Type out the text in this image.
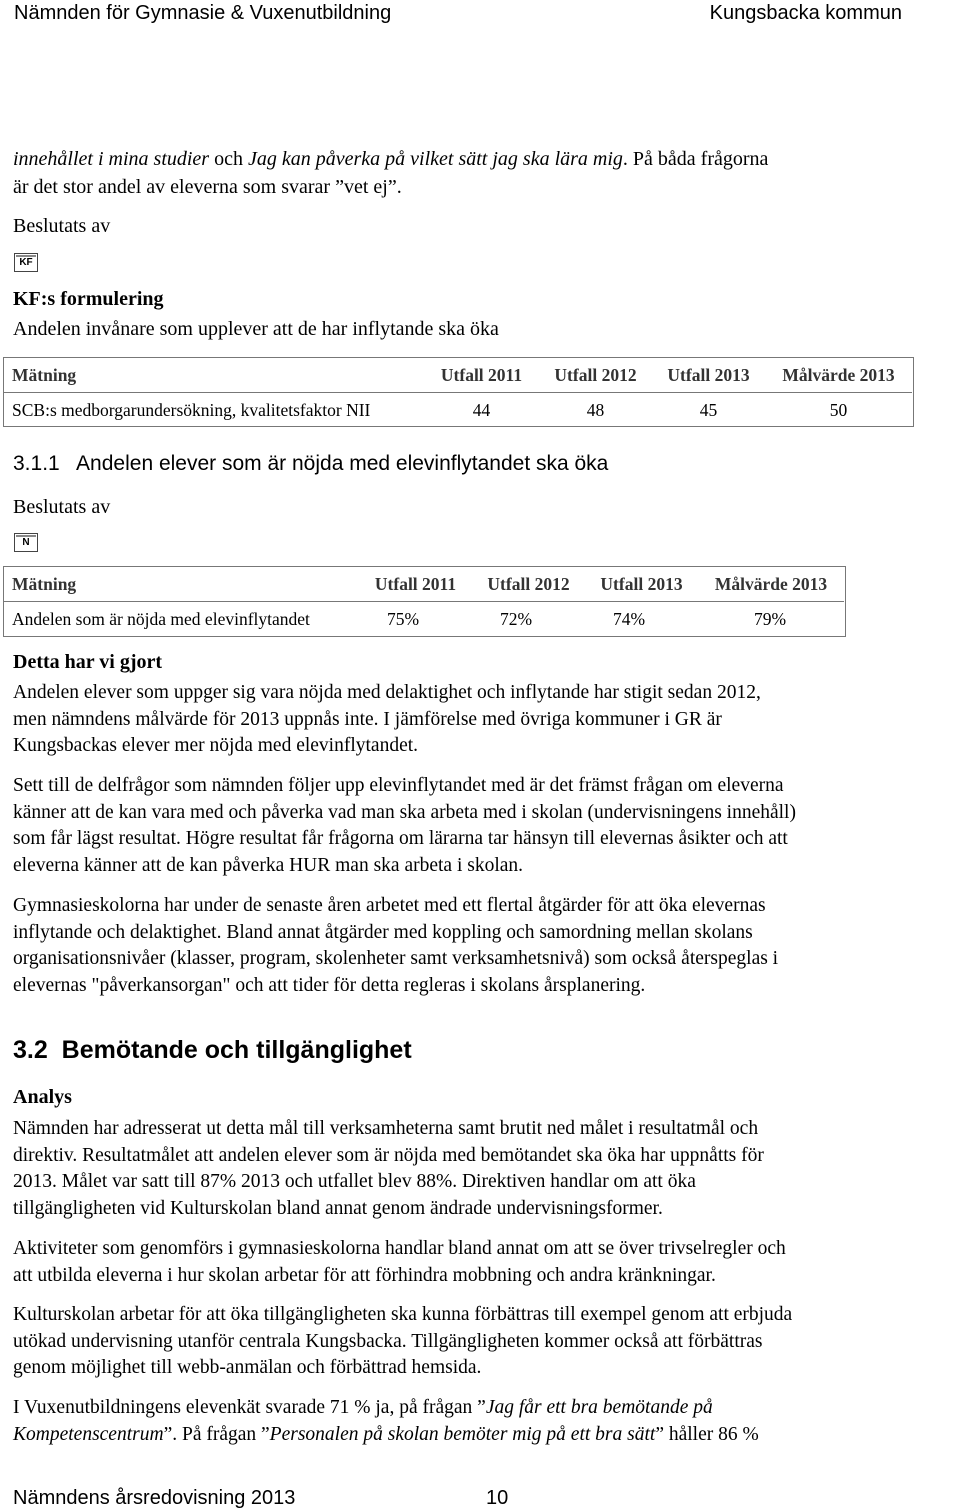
Nämnden för Gymnasie & Vuxenutbildning	Kungsbacka kommun
innehållet i mina studier och Jag kan påverka på vilket sätt jag ska lära mig. På båda frågorna
är det stor andel av eleverna som svarar ”vet ej”.
Beslutats av
KF
KF:s formulering
Andelen invånare som upplever att de har inflytande ska öka
Mätning	Utfall 2011	Utfall 2012	Utfall 2013	Målvärde 2013
SCB:s medborgarundersökning, kvalitetsfaktor NII	44	48	45	50
3.1.1   Andelen elever som är nöjda med elevinflytandet ska öka
Beslutats av
N
Mätning	Utfall 2011	Utfall 2012	Utfall 2013	Målvärde 2013
Andelen som är nöjda med elevinflytandet	75%	72%	74%	79%
Detta har vi gjort
Andelen elever som uppger sig vara nöjda med delaktighet och inflytande har stigit sedan 2012,
men nämndens målvärde för 2013 uppnås inte. I jämförelse med övriga kommuner i GR är
Kungsbackas elever mer nöjda med elevinflytandet.
Sett till de delfrågor som nämnden följer upp elevinflytandet med är det främst frågan om eleverna
känner att de kan vara med och påverka vad man ska arbeta med i skolan (undervisningens innehåll)
som får lägst resultat. Högre resultat får frågorna om lärarna tar hänsyn till elevernas åsikter och att
eleverna känner att de kan påverka HUR man ska arbeta i skolan.
Gymnasieskolorna har under de senaste åren arbetet med ett flertal åtgärder för att öka elevernas
inflytande och delaktighet. Bland annat åtgärder med koppling och samordning mellan skolans
organisationsnivåer (klasser, program, skolenheter samt verksamhetsnivå) som också återspeglas i
elevernas "påverkansorgan" och att tider för detta regleras i skolans årsplanering.
3.2  Bemötande och tillgänglighet
Analys
Nämnden har adresserat ut detta mål till verksamheterna samt brutit ned målet i resultatmål och
direktiv. Resultatmålet att andelen elever som är nöjda med bemötandet ska öka har uppnåtts för
2013. Målet var satt till 87% 2013 och utfallet blev 88%. Direktiven handlar om att öka
tillgängligheten vid Kulturskolan bland annat genom ändrade undervisningsformer.
Aktiviteter som genomförs i gymnasieskolorna handlar bland annat om att se över trivselregler och
att utbilda eleverna i hur skolan arbetar för att förhindra mobbning och andra kränkningar.
Kulturskolan arbetar för att öka tillgängligheten ska kunna förbättras till exempel genom att erbjuda
utökad undervisning utanför centrala Kungsbacka. Tillgängligheten kommer också att förbättras
genom möjlighet till webb-anmälan och förbättrad hemsida.
I Vuxenutbildningens elevenkät svarade 71 % ja, på frågan ”Jag får ett bra bemötande på
Kompetenscentrum”. På frågan ”Personalen på skolan bemöter mig på ett bra sätt” håller 86 %
Nämndens årsredovisning 2013	10
